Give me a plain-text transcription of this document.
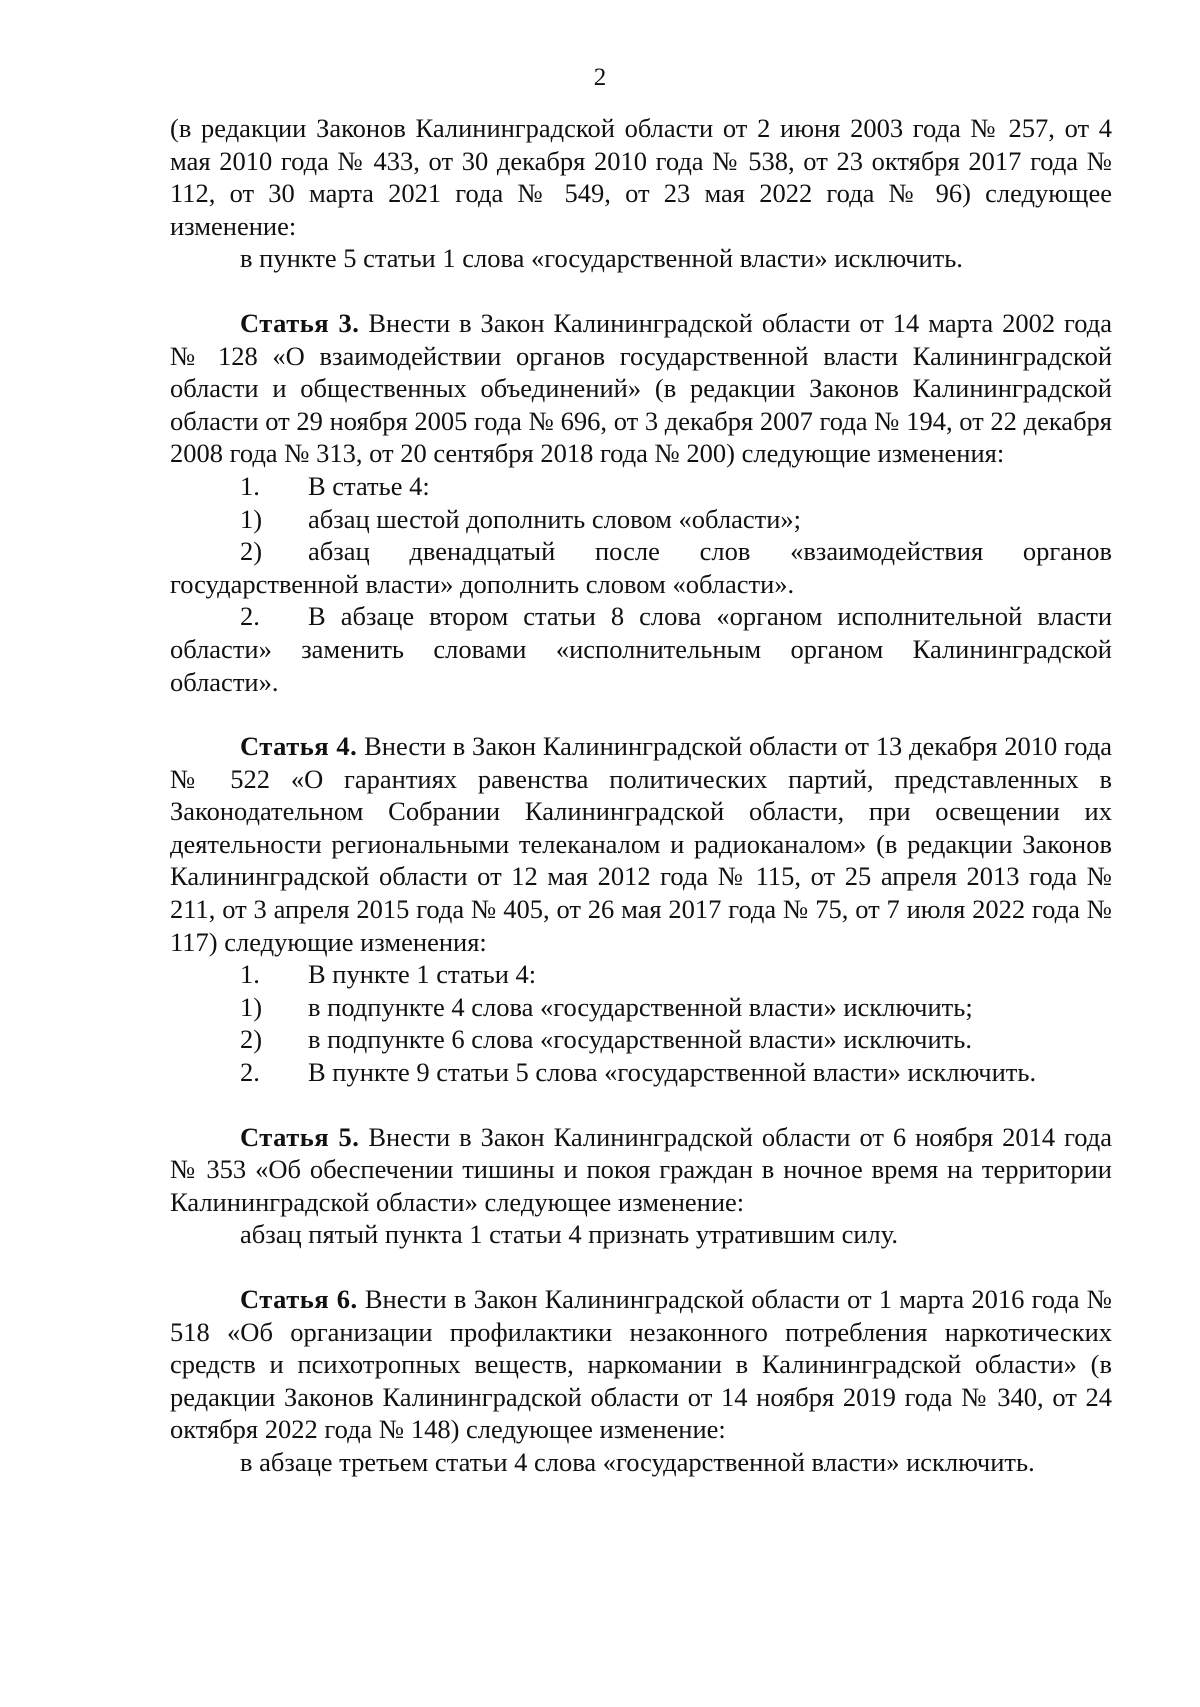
2

(в редакции Законов Калининградской области от 2 июня 2003 года № 257, от 4 мая 2010 года № 433, от 30 декабря 2010 года № 538, от 23 октября 2017 года № 112, от 30 марта 2021 года № 549, от 23 мая 2022 года № 96) следующее изменение:

в пункте 5 статьи 1 слова «государственной власти» исключить.

Статья 3. Внести в Закон Калининградской области от 14 марта 2002 года № 128 «О взаимодействии органов государственной власти Калининградской области и общественных объединений» (в редакции Законов Калининградской области от 29 ноября 2005 года № 696, от 3 декабря 2007 года № 194, от 22 декабря 2008 года № 313, от 20 сентября 2018 года № 200) следующие изменения:

1.	В статье 4:
1)	абзац шестой дополнить словом «области»;

2) абзац двенадцатый после слов «взаимодействия органов государственной власти» дополнить словом «области».

2. В абзаце втором статьи 8 слова «органом исполнительной власти области» заменить словами «исполнительным органом Калининградской области».

Статья 4. Внести в Закон Калининградской области от 13 декабря 2010 года № 522 «О гарантиях равенства политических партий, представленных в Законодательном Собрании Калининградской области, при освещении их деятельности региональными телеканалом и радиоканалом» (в редакции Законов Калининградской области от 12 мая 2012 года № 115, от 25 апреля 2013 года № 211, от 3 апреля 2015 года № 405, от 26 мая 2017 года № 75, от 7 июля 2022 года № 117) следующие изменения:

1.	В пункте 1 статьи 4:
1)	в подпункте 4 слова «государственной власти» исключить;
2)	в подпункте 6 слова «государственной власти» исключить.
2.	В пункте 9 статьи 5 слова «государственной власти» исключить.

Статья 5. Внести в Закон Калининградской области от 6 ноября 2014 года № 353 «Об обеспечении тишины и покоя граждан в ночное время на территории Калининградской области» следующее изменение:

абзац пятый пункта 1 статьи 4 признать утратившим силу.

Статья 6. Внести в Закон Калининградской области от 1 марта 2016 года № 518 «Об организации профилактики незаконного потребления наркотических средств и психотропных веществ, наркомании в Калининградской области» (в редакции Законов Калининградской области от 14 ноября 2019 года № 340, от 24 октября 2022 года № 148) следующее изменение:

в абзаце третьем статьи 4 слова «государственной власти» исключить.
